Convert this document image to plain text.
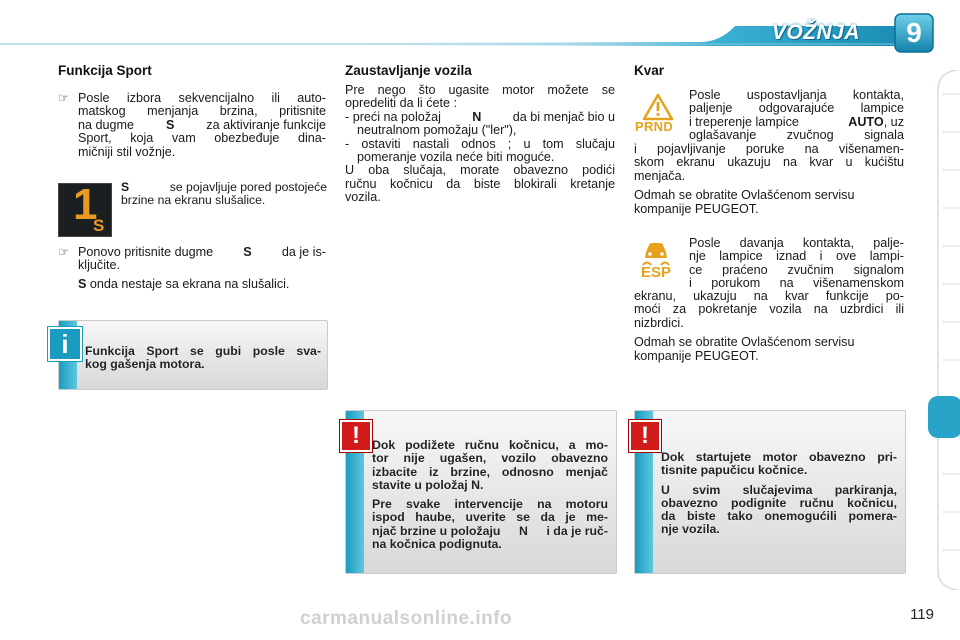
VOŽNJA	9
Funkcija Sport
☞ Posle izbora sekvencijalno ili auto-
matskog menjanja brzina, pritisnite
na dugme	S	za aktiviranje funkcije
Sport, koja vam obezbeđuje dina-
mičniji stil vožnje.
1
S
S	se pojavljuje pored postojeće
brzine na ekranu slušalice.
☞ Ponovo pritisnite dugme S da je is-
ključite.
S onda nestaje sa ekrana na slušalici.
Funkcija Sport se gubi posle sva-
kog gašenja motora.
i
Zaustavljanje vozila
Pre nego što ugasite motor možete se
opredeliti da li ćete :
- preći na položaj N da bi menjač bio u
neutralnom pomožaju ("ler"),
- ostaviti nastali odnos ; u tom slučaju
pomeranje vozila neće biti moguće.
U oba slučaja, morate obavezno podići
ručnu kočnicu da biste blokirali kretanje
vozila.
Dok podižete ručnu kočnicu, a mo-
tor nije ugašen, vozilo obavezno
izbacite iz brzine, odnosno menjač
stavite u položaj N.
Pre svake intervencije na motoru
ispod haube, uverite se da je me-
njač brzine u položaju N i da je ruč-
na kočnica podignuta.
!
Kvar
PRND
Posle uspostavljanja kontakta,
paljenje odgovarajuće lampice
i treperenje lampice	AUTO, uz
oglašavanje zvučnog signala
i pojavljivanje poruke na višenamen-
skom ekranu ukazuju na kvar u kućištu
menjača.
Odmah se obratite Ovlašćenom servisu
kompanije PEUGEOT.
ESP
Posle davanja kontakta, palje-
nje lampice iznad i ove lampi-
ce praćeno zvučnim signalom
i porukom na višenamenskom
ekranu, ukazuju na kvar funkcije po-
moći za pokretanje vozila na uzbrdici ili
nizbrdici.
Odmah se obratite Ovlašćenom servisu
kompanije PEUGEOT.
Dok startujete motor obavezno pri-
tisnite papučicu kočnice.
U svim slučajevima parkiranja,
obavezno podignite ručnu kočnicu,
da biste tako onemogućili pomera-
nje vozila.
!
carmanualsonline.info	119
